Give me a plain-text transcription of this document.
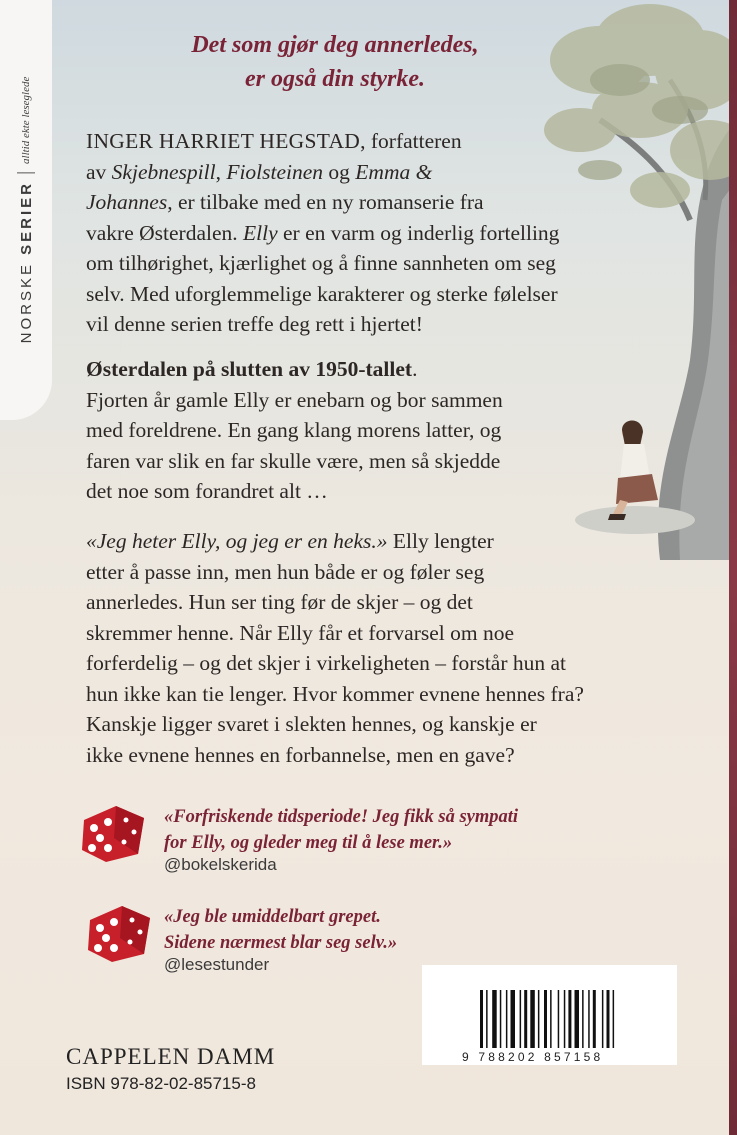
NORSKE SERIER
alltid ekte leseglede
Det som gjør deg annerledes,
er også din styrke.
INGER HARRIET HEGSTAD, forfatteren
av Skjebnespill, Fiolsteinen og Emma &
Johannes, er tilbake med en ny romanserie fra
vakre Østerdalen. Elly er en varm og inderlig fortelling
om tilhørighet, kjærlighet og å finne sannheten om seg
selv. Med uforglemmelige karakterer og sterke følelser
vil denne serien treffe deg rett i hjertet!
Østerdalen på slutten av 1950-tallet.
Fjorten år gamle Elly er enebarn og bor sammen
med foreldrene. En gang klang morens latter, og
faren var slik en far skulle være, men så skjedde
det noe som forandret alt …
«Jeg heter Elly, og jeg er en heks.» Elly lengter
etter å passe inn, men hun både er og føler seg
annerledes. Hun ser ting før de skjer – og det
skremmer henne. Når Elly får et forvarsel om noe
forferdelig – og det skjer i virkeligheten – forstår hun at
hun ikke kan tie lenger. Hvor kommer evnene hennes fra?
Kanskje ligger svaret i slekten hennes, og kanskje er
ikke evnene hennes en forbannelse, men en gave?
«Forfriskende tidsperiode! Jeg fikk så sympati
for Elly, og gleder meg til å lese mer.»
@bokelskerida
«Jeg ble umiddelbart grepet.
Sidene nærmest blar seg selv.»
@lesestunder
9 788202 857158
CAPPELEN DAMM
ISBN 978-82-02-85715-8
